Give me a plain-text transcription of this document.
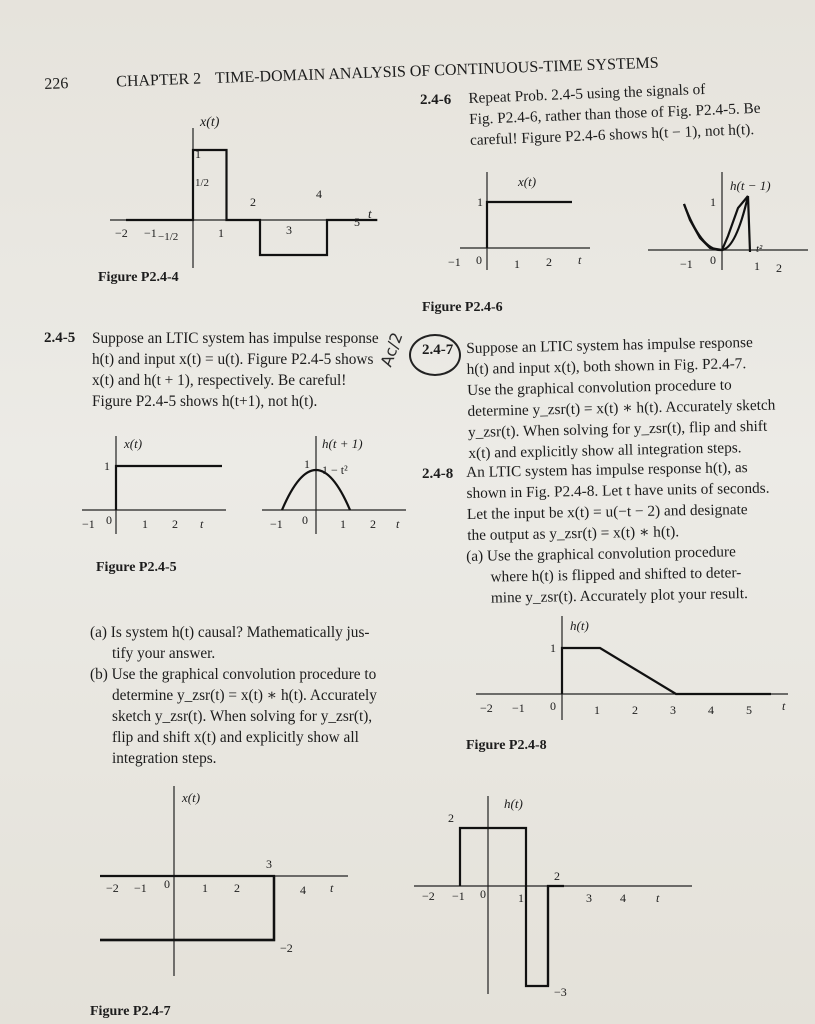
226	CHAPTER 2 TIME-DOMAIN ANALYSIS OF CONTINUOUS-TIME SYSTEMS
2.4-6 Repeat Prob. 2.4-5 using the signals of
Fig. P2.4-6, rather than those of Fig. P2.4-5. Be
careful! Figure P2.4-6 shows h(t − 1), not h(t).
x(t)
t
−2 −1	1	3
5
1
1/2
−1/2
2
4
Figure P2.4-4
x(t)
t
1
−1 0	1 2
h(t − 1)
1
t²
−1 0	1 2
Figure P2.4-6
2.4-5 Suppose an LTIC system has impulse response
h(t) and input x(t) = u(t). Figure P2.4-5 shows
x(t) and h(t + 1), respectively. Be careful!
Figure P2.4-5 shows h(t+1), not h(t).
x(t)
t
1
−1 0	1 2
h(t + 1)
1 − t²
1
t
−1 0	1 2
Figure P2.4-5
(a) Is system h(t) causal? Mathematically jus-
tify your answer.
(b) Use the graphical convolution procedure to
determine y_zsr(t) = x(t) ∗ h(t). Accurately
sketch y_zsr(t). When solving for y_zsr(t),
flip and shift x(t) and explicitly show all
integration steps.
Ac/2 2.4-7 Suppose an LTIC system has impulse response
h(t) and input x(t), both shown in Fig. P2.4-7.
Use the graphical convolution procedure to
determine y_zsr(t) = x(t) ∗ h(t). Accurately sketch
y_zsr(t). When solving for y_zsr(t), flip and shift
x(t) and explicitly show all integration steps.
2.4-8 An LTIC system has impulse response h(t), as
shown in Fig. P2.4-8. Let t have units of seconds.
Let the input be x(t) = u(−t − 2) and designate
the output as y_zsr(t) = x(t) ∗ h(t).
(a) Use the graphical convolution procedure
where h(t) is flipped and shifted to deter-
mine y_zsr(t). Accurately plot your result.
h(t)
1
t
−2 −1 0	1	2	3	4	5
Figure P2.4-8
x(t)
t
3
−2
−2 −1 0	1 2	4
Figure P2.4-7
h(t)
2
2
−3
t
−2 −1 0	1	3 4
